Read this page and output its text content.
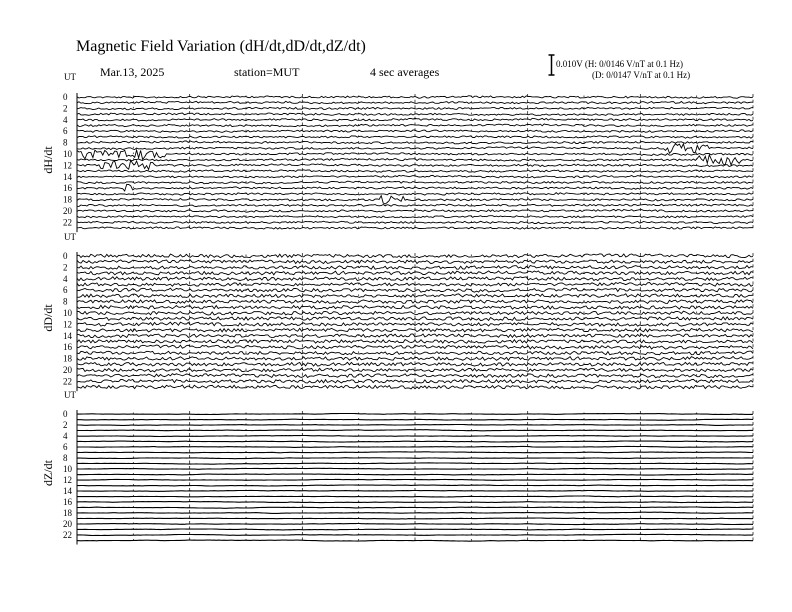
Magnetic Field Variation (dH/dt,dD/dt,dZ/dt)
Mar.13, 2025	station=MUT	4 sec averages
0.010V (H: 0/0146 V/nT at 0.1 Hz)
(D: 0/0147 V/nT at 0.1 Hz)
UT
dH/dt
0
2
4
6
8
10
12
14
16
18
20
22
UT
dD/dt
0
2
4
6
8
10
12
14
16
18
20
22
UT
dZ/dt
0
2
4
6
8
10
12
14
16
18
20
22
